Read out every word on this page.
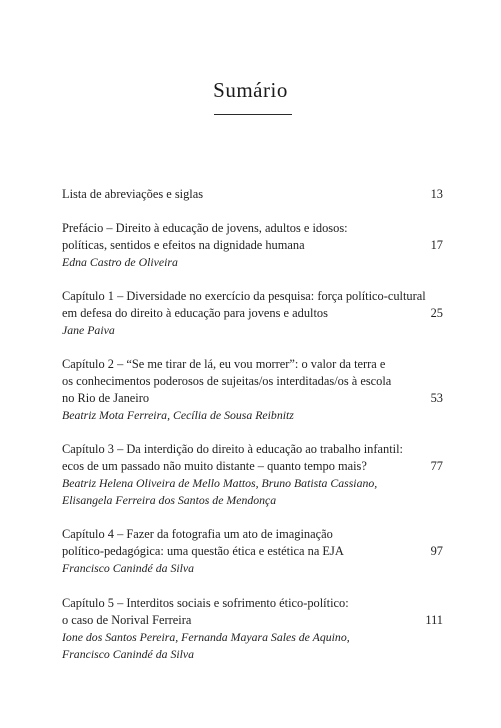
Sumário
Lista de abreviações e siglas	13
Prefácio – Direito à educação de jovens, adultos e idosos:
políticas, sentidos e efeitos na dignidade humana
Edna Castro de Oliveira
17
Capítulo 1 – Diversidade no exercício da pesquisa: força político-cultural
em defesa do direito à educação para jovens e adultos
Jane Paiva
25
Capítulo 2 – “Se me tirar de lá, eu vou morrer”: o valor da terra e
os conhecimentos poderosos de sujeitas/os interditadas/os à escola
no Rio de Janeiro
Beatriz Mota Ferreira, Cecília de Sousa Reibnitz
53
Capítulo 3 – Da interdição do direito à educação ao trabalho infantil:
ecos de um passado não muito distante – quanto tempo mais?
Beatriz Helena Oliveira de Mello Mattos, Bruno Batista Cassiano,
Elisangela Ferreira dos Santos de Mendonça
77
Capítulo 4 – Fazer da fotografia um ato de imaginação
político-pedagógica: uma questão ética e estética na EJA
Francisco Canindé da Silva
97
Capítulo 5 – Interditos sociais e sofrimento ético-político:
o caso de Norival Ferreira
Ione dos Santos Pereira, Fernanda Mayara Sales de Aquino,
Francisco Canindé da Silva
111
